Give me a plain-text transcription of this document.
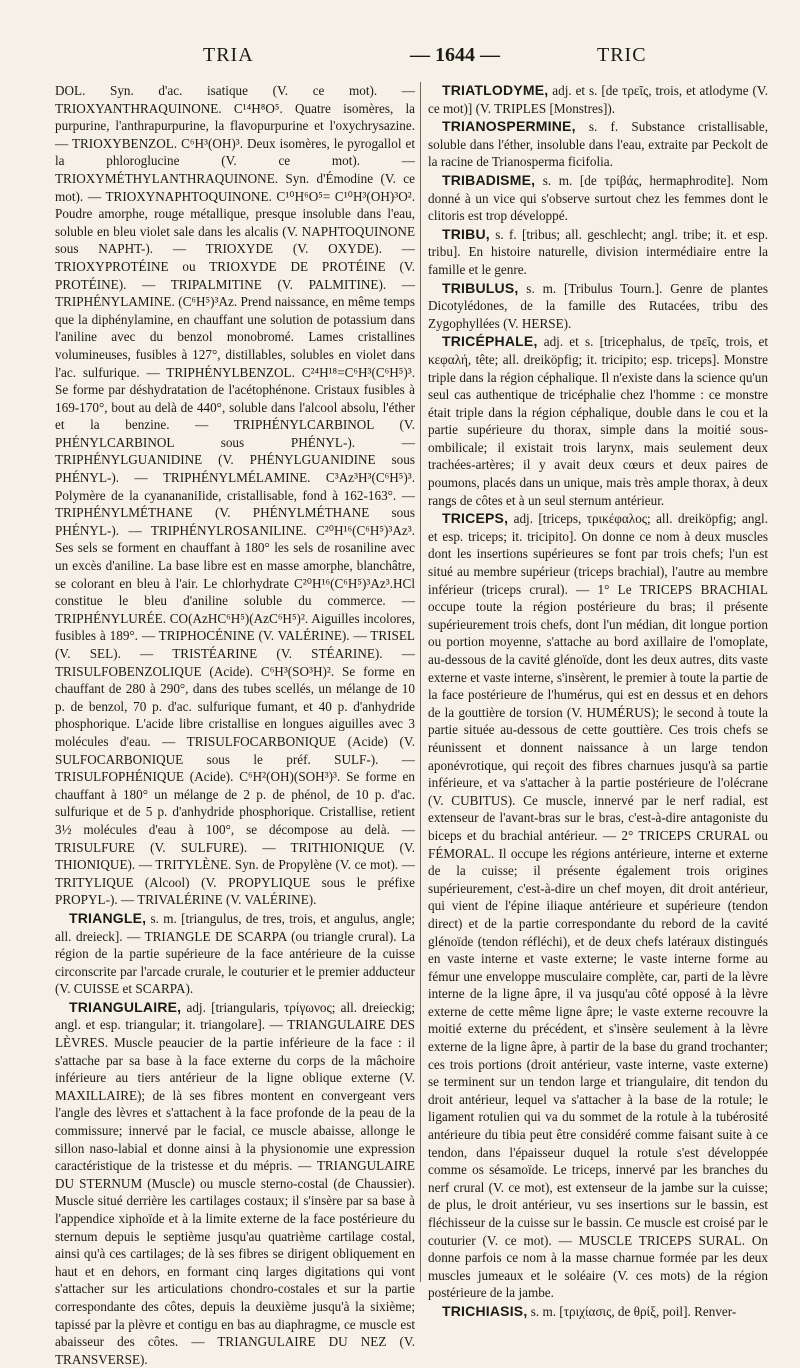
TRIA	— 1644 —	TRIC

DOL. Syn. d'ac. isatique (V. ce mot). — TRIOXYANTHRAQUINONE. C¹⁴H⁸O⁵. Quatre isomères, la purpurine, l'anthrapurpurine, la flavopurpurine et l'oxychrysazine. — TRIOXYBENZOL. C⁶H³(OH)³. Deux isomères, le pyrogallol et la phloroglucine (V. ce mot). — TRIOXYMÉTHYLANTHRAQUINONE. Syn. d'Émodine (V. ce mot). — TRIOXYNAPHTOQUINONE. C¹⁰H⁶O⁵= C¹⁰H³(OH)³O². Poudre amorphe, rouge métallique, presque insoluble dans l'eau, soluble en bleu violet sale dans les alcalis (V. NAPHTOQUINONE sous NAPHT-). — TRIOXYDE (V. OXYDE). — TRIOXYPROTÉINE ou TRIOXYDE DE PROTÉINE (V. PROTÉINE). — TRIPALMITINE (V. PALMITINE). — TRIPHÉNYLAMINE. (C⁶H⁵)³Az. Prend naissance, en même temps que la diphénylamine, en chauffant une solution de potassium dans l'aniline avec du benzol monobromé. Lames cristallines volumineuses, fusibles à 127°, distillables, solubles en violet dans l'ac. sulfurique. — TRIPHÉNYLBENZOL. C²⁴H¹⁸=C⁶H³(C⁶H⁵)³. Se forme par déshydratation de l'acétophénone. Cristaux fusibles à 169-170°, bout au delà de 440°, soluble dans l'alcool absolu, l'éther et la benzine. — TRIPHÉNYLCARBINOL (V. PHÉNYLCARBINOL sous PHÉNYL-). — TRIPHÉNYLGUANIDINE (V. PHÉNYLGUANIDINE sous PHÉNYL-). — TRIPHÉNYLMÉLAMINE. C³Az³H³(C⁶H⁵)³. Polymère de la cyanananiIide, cristallisable, fond à 162-163°. — TRIPHÉNYLMÉTHANE (V. PHÉNYLMÉTHANE sous PHÉNYL-). — TRIPHÉNYLROSANILINE. C²⁰H¹⁶(C⁶H⁵)³Az³. Ses sels se forment en chauffant à 180° les sels de rosaniline avec un excès d'aniline. La base libre est en masse amorphe, blanchâtre, se colorant en bleu à l'air. Le chlorhydrate C²⁰H¹⁶(C⁶H⁵)³Az³.HCl constitue le bleu d'aniline soluble du commerce. — TRIPHÉNYLURÉE. CO(AzHC⁶H⁵)(AzC⁶H⁵)². Aiguilles incolores, fusibles à 189°. — TRIPHOCÉNINE (V. VALÉRINE). — TRISEL (V. SEL). — TRISTÉARINE (V. STÉARINE). — TRISULFOBENZOLIQUE (Acide). C⁶H³(SO³H)². Se forme en chauffant de 280 à 290°, dans des tubes scellés, un mélange de 10 p. de benzol, 70 p. d'ac. sulfurique fumant, et 40 p. d'anhydride phosphorique. L'acide libre cristallise en longues aiguilles avec 3 molécules d'eau. — TRISULFOCARBONIQUE (Acide) (V. SULFOCARBONIQUE sous le préf. SULF-). — TRISULFOPHÉNIQUE (Acide). C⁶H²(OH)(SOH³)³. Se forme en chauffant à 180° un mélange de 2 p. de phénol, de 10 p. d'ac. sulfurique et de 5 p. d'anhydride phosphorique. Cristallise, retient 3½ molécules d'eau à 100°, se décompose au delà. — TRISULFURE (V. SULFURE). — TRITHIONIQUE (V. THIONIQUE). — TRITYLÈNE. Syn. de Propylène (V. ce mot). — TRITYLIQUE (Alcool) (V. PROPYLIQUE sous le préfixe PROPYL-). — TRIVALÉRINE (V. VALÉRINE).

TRIANGLE, s. m. [triangulus, de tres, trois, et angulus, angle; all. dreieck]. — TRIANGLE DE SCARPA (ou triangle crural). La région de la partie supérieure de la face antérieure de la cuisse circonscrite par l'arcade crurale, le couturier et le premier adducteur (V. CUISSE et SCARPA).

TRIANGULAIRE, adj. [triangularis, τρίγωνος; all. dreieckig; angl. et esp. triangular; it. triangolare]. — TRIANGULAIRE DES LÈVRES. Muscle peaucier de la partie inférieure de la face : il s'attache par sa base à la face externe du corps de la mâchoire inférieure au tiers antérieur de la ligne oblique externe (V. MAXILLAIRE); de là ses fibres montent en convergeant vers l'angle des lèvres et s'attachent à la face profonde de la peau de la commissure; innervé par le facial, ce muscle abaisse, allonge le sillon naso-labial et donne ainsi à la physionomie une expression caractéristique de la tristesse et du mépris. — TRIANGULAIRE DU STERNUM (Muscle) ou muscle sterno-costal (de Chaussier). Muscle situé derrière les cartilages costaux; il s'insère par sa base à l'appendice xiphoïde et à la limite externe de la face postérieure du sternum depuis le septième jusqu'au quatrième cartilage costal, ainsi qu'à ces cartilages; de là ses fibres se dirigent obliquement en haut et en dehors, en formant cinq larges digitations qui vont s'attacher sur les articulations chondro-costales et sur la partie correspondante des côtes, depuis la deuxième jusqu'à la sixième; tapissé par la plèvre et contigu en bas au diaphragme, ce muscle est abaisseur des côtes. — TRIANGULAIRE DU NEZ (V. TRANSVERSE).

TRIATLODYME, adj. et s. [de τρεῖς, trois, et atlodyme (V. ce mot)] (V. TRIPLES [Monstres]).

TRIANOSPERMINE, s. f. Substance cristallisable, soluble dans l'éther, insoluble dans l'eau, extraite par Peckolt de la racine de Trianosperma ficifolia.

TRIBADISME, s. m. [de τρίβάς, hermaphrodite]. Nom donné à un vice qui s'observe surtout chez les femmes dont le clitoris est trop développé.

TRIBU, s. f. [tribus; all. geschlecht; angl. tribe; it. et esp. tribu]. En histoire naturelle, division intermédiaire entre la famille et le genre.

TRIBULUS, s. m. [Tribulus Tourn.]. Genre de plantes Dicotylédones, de la famille des Rutacées, tribu des Zygophyllées (V. HERSE).

TRICÉPHALE, adj. et s. [tricephalus, de τρεῖς, trois, et κεφαλή, tête; all. dreiköpfig; it. tricipito; esp. triceps]. Monstre triple dans la région céphalique. Il n'existe dans la science qu'un seul cas authentique de tricéphalie chez l'homme : ce monstre était triple dans la région céphalique, double dans le cou et la partie supérieure du thorax, simple dans la moitié sous-ombilicale; il existait trois larynx, mais seulement deux trachées-artères; il y avait deux cœurs et deux paires de poumons, placés dans un unique, mais très ample thorax, à deux rangs de côtes et à un seul sternum antérieur.

TRICEPS, adj. [triceps, τρικέφαλος; all. dreiköpfig; angl. et esp. triceps; it. tricipito]. On donne ce nom à deux muscles dont les insertions supérieures se font par trois chefs; l'un est situé au membre supérieur (triceps brachial), l'autre au membre inférieur (triceps crural). — 1° Le TRICEPS BRACHIAL occupe toute la région postérieure du bras; il présente supérieurement trois chefs, dont l'un médian, dit longue portion ou portion moyenne, s'attache au bord axillaire de l'omoplate, au-dessous de la cavité glénoïde, dont les deux autres, dits vaste externe et vaste interne, s'insèrent, le premier à toute la partie de la face postérieure de l'humérus, qui est en dessus et en dehors de la gouttière de torsion (V. HUMÉRUS); le second à toute la partie située au-dessous de cette gouttière. Ces trois chefs se réunissent et donnent naissance à un large tendon aponévrotique, qui reçoit des fibres charnues jusqu'à sa partie inférieure, et va s'attacher à la partie postérieure de l'olécrane (V. CUBITUS). Ce muscle, innervé par le nerf radial, est extenseur de l'avant-bras sur le bras, c'est-à-dire antagoniste du biceps et du brachial antérieur. — 2° TRICEPS CRURAL ou FÉMORAL. Il occupe les régions antérieure, interne et externe de la cuisse; il présente également trois origines supérieurement, c'est-à-dire un chef moyen, dit droit antérieur, qui vient de l'épine iliaque antérieure et supérieure (tendon direct) et de la partie correspondante du rebord de la cavité glénoïde (tendon réfléchi), et de deux chefs latéraux distingués en vaste interne et vaste externe; le vaste interne forme au fémur une enveloppe musculaire complète, car, parti de la lèvre interne de la ligne âpre, il va jusqu'au côté opposé à la lèvre externe de cette même ligne âpre; le vaste externe recouvre la moitié externe du précédent, et s'insère seulement à la lèvre externe de la ligne âpre, à partir de la base du grand trochanter; ces trois portions (droit antérieur, vaste interne, vaste externe) se terminent sur un tendon large et triangulaire, dit tendon du droit antérieur, lequel va s'attacher à la base de la rotule; le ligament rotulien qui va du sommet de la rotule à la tubérosité antérieure du tibia peut être considéré comme faisant suite à ce tendon, dans l'épaisseur duquel la rotule s'est développée comme os sésamoïde. Le triceps, innervé par les branches du nerf crural (V. ce mot), est extenseur de la jambe sur la cuisse; de plus, le droit antérieur, vu ses insertions sur le bassin, est fléchisseur de la cuisse sur le bassin. Ce muscle est croisé par le couturier (V. ce mot). — MUSCLE TRICEPS SURAL. On donne parfois ce nom à la masse charnue formée par les deux muscles jumeaux et le soléaire (V. ces mots) de la région postérieure de la jambe.

TRICHIASIS, s. m. [τριχίασις, de θρίξ, poil]. Renver-
